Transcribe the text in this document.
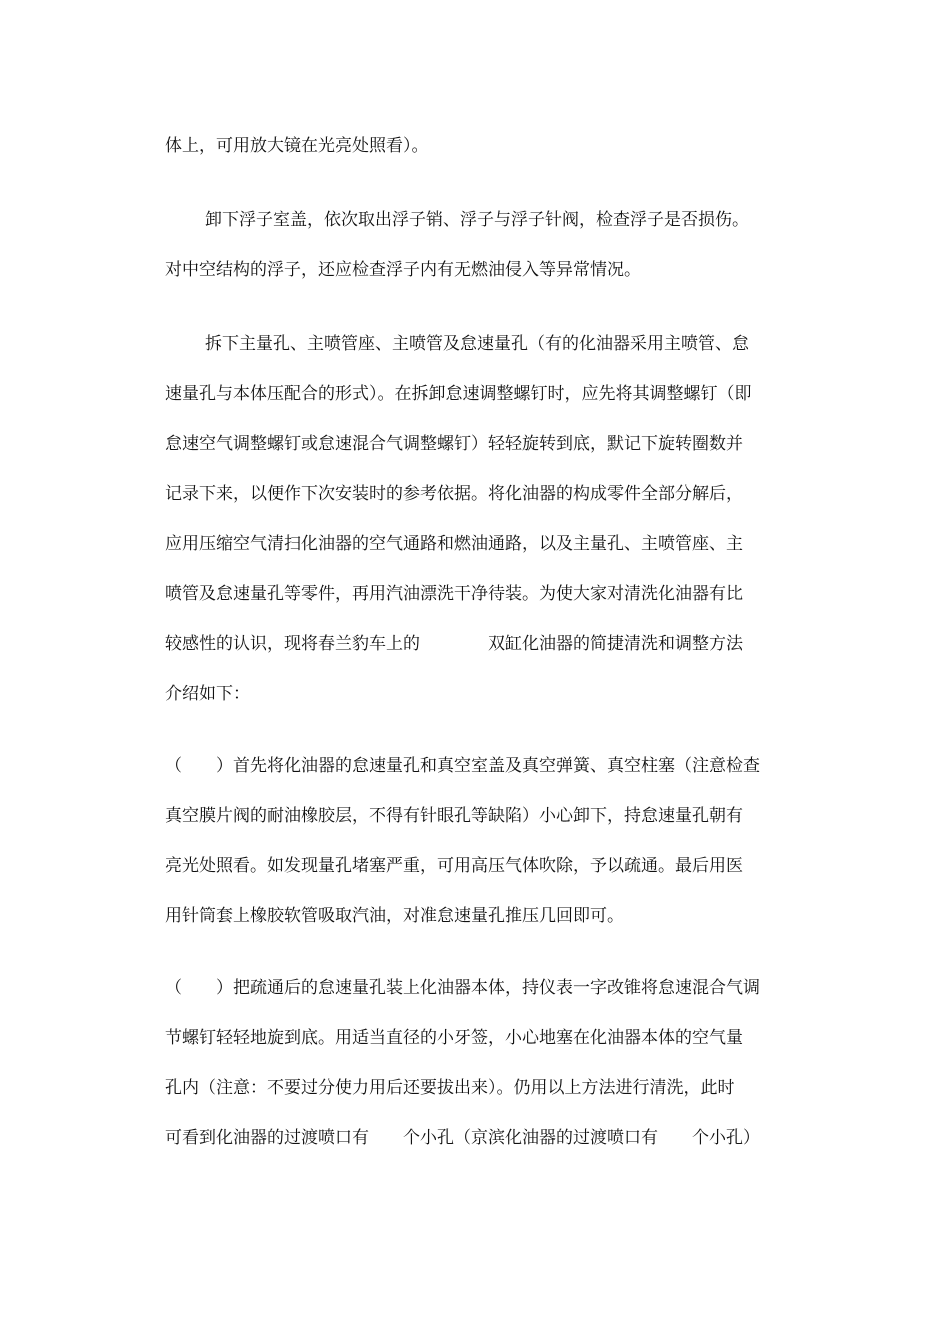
体上，可用放大镜在光亮处照看）。
卸下浮子室盖，依次取出浮子销、浮子与浮子针阀，检查浮子是否损伤。
对中空结构的浮子，还应检查浮子内有无燃油侵入等异常情况。
拆下主量孔、主喷管座、主喷管及怠速量孔（有的化油器采用主喷管、怠
速量孔与本体压配合的形式）。在拆卸怠速调整螺钉时，应先将其调整螺钉（即
怠速空气调整螺钉或怠速混合气调整螺钉）轻轻旋转到底，默记下旋转圈数并
记录下来，以便作下次安装时的参考依据。将化油器的构成零件全部分解后，
应用压缩空气清扫化油器的空气通路和燃油通路，以及主量孔、主喷管座、主
喷管及怠速量孔等零件，再用汽油漂洗干净待装。为使大家对清洗化油器有比
较感性的认识，现将春兰豹车上的　　　　双缸化油器的简捷清洗和调整方法
介绍如下：
（　　）首先将化油器的怠速量孔和真空室盖及真空弹簧、真空柱塞（注意检查
真空膜片阀的耐油橡胶层，不得有针眼孔等缺陷）小心卸下，持怠速量孔朝有
亮光处照看。如发现量孔堵塞严重，可用高压气体吹除，予以疏通。最后用医
用针筒套上橡胶软管吸取汽油，对准怠速量孔推压几回即可。
（　　）把疏通后的怠速量孔装上化油器本体，持仪表一字改锥将怠速混合气调
节螺钉轻轻地旋到底。用适当直径的小牙签，小心地塞在化油器本体的空气量
孔内（注意：不要过分使力用后还要拔出来）。仍用以上方法进行清洗，此时
可看到化油器的过渡喷口有　　个小孔（京滨化油器的过渡喷口有　　个小孔）
